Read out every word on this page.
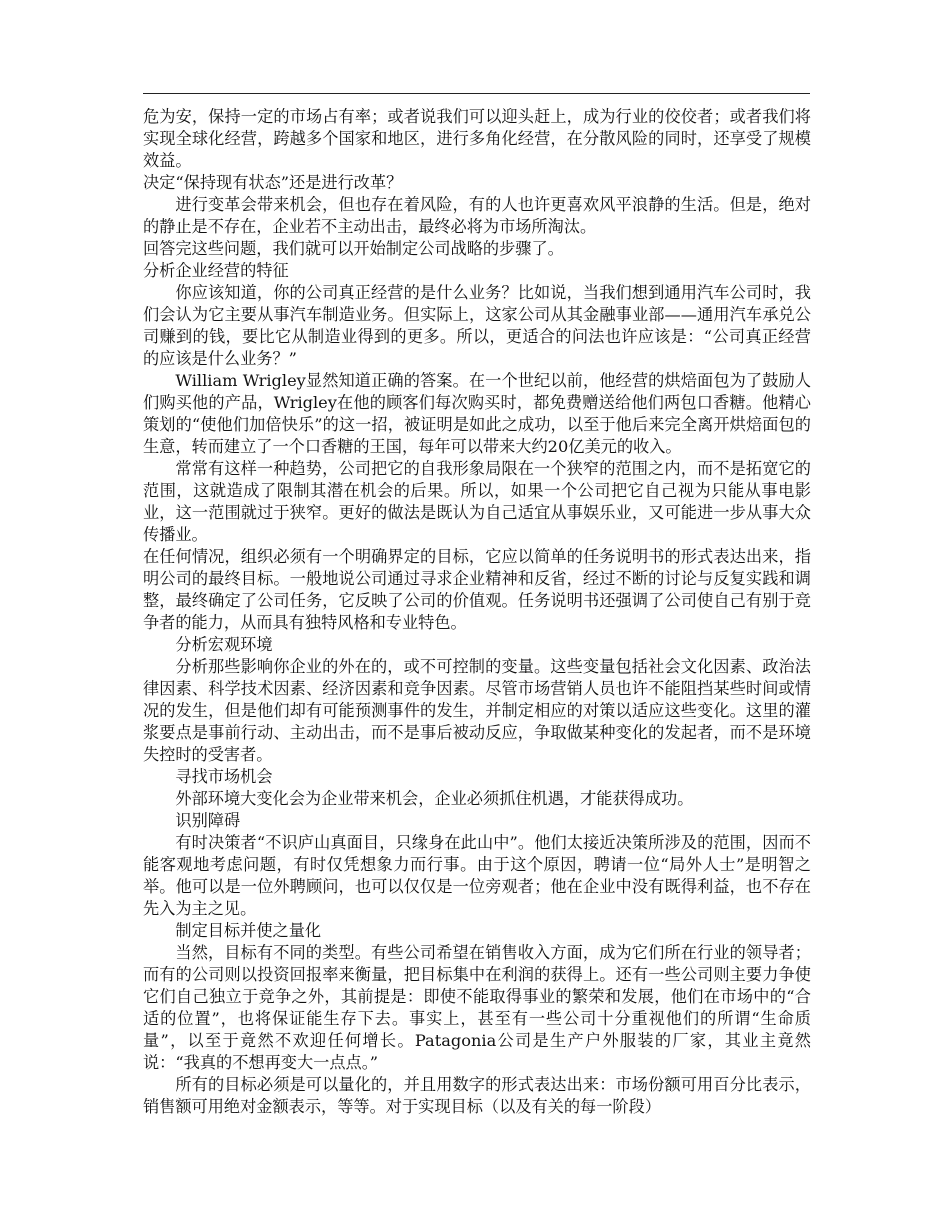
危为安，保持一定的市场占有率；或者说我们可以迎头赶上，成为行业的佼佼者；或者我们将实现全球化经营，跨越多个国家和地区，进行多角化经营，在分散风险的同时，还享受了规模效益。

决定“保持现有状态”还是进行改革？

进行变革会带来机会，但也存在着风险，有的人也许更喜欢风平浪静的生活。但是，绝对的静止是不存在，企业若不主动出击，最终必将为市场所淘汰。

回答完这些问题，我们就可以开始制定公司战略的步骤了。

分析企业经营的特征

你应该知道，你的公司真正经营的是什么业务？比如说，当我们想到通用汽车公司时，我们会认为它主要从事汽车制造业务。但实际上，这家公司从其金融事业部——通用汽车承兑公司赚到的钱，要比它从制造业得到的更多。所以，更适合的问法也许应该是：“公司真正经营的应该是什么业务？”

William Wrigley显然知道正确的答案。在一个世纪以前，他经营的烘焙面包为了鼓励人们购买他的产品，Wrigley在他的顾客们每次购买时，都免费赠送给他们两包口香糖。他精心策划的“使他们加倍快乐”的这一招，被证明是如此之成功，以至于他后来完全离开烘焙面包的生意，转而建立了一个口香糖的王国，每年可以带来大约20亿美元的收入。

常常有这样一种趋势，公司把它的自我形象局限在一个狭窄的范围之内，而不是拓宽它的范围，这就造成了限制其潜在机会的后果。所以，如果一个公司把它自己视为只能从事电影业，这一范围就过于狭窄。更好的做法是既认为自己适宜从事娱乐业，又可能进一步从事大众传播业。

在任何情况，组织必须有一个明确界定的目标，它应以简单的任务说明书的形式表达出来，指明公司的最终目标。一般地说公司通过寻求企业精神和反省，经过不断的讨论与反复实践和调整，最终确定了公司任务，它反映了公司的价值观。任务说明书还强调了公司使自己有别于竞争者的能力，从而具有独特风格和专业特色。

分析宏观环境

分析那些影响你企业的外在的，或不可控制的变量。这些变量包括社会文化因素、政治法律因素、科学技术因素、经济因素和竞争因素。尽管市场营销人员也许不能阻挡某些时间或情况的发生，但是他们却有可能预测事件的发生，并制定相应的对策以适应这些变化。这里的灌浆要点是事前行动、主动出击，而不是事后被动反应，争取做某种变化的发起者，而不是环境失控时的受害者。

寻找市场机会

外部环境大变化会为企业带来机会，企业必须抓住机遇，才能获得成功。

识别障碍

有时决策者“不识庐山真面目，只缘身在此山中”。他们太接近决策所涉及的范围，因而不能客观地考虑问题，有时仅凭想象力而行事。由于这个原因，聘请一位“局外人士”是明智之举。他可以是一位外聘顾问，也可以仅仅是一位旁观者；他在企业中没有既得利益，也不存在先入为主之见。

制定目标并使之量化

当然，目标有不同的类型。有些公司希望在销售收入方面，成为它们所在行业的领导者；而有的公司则以投资回报率来衡量，把目标集中在利润的获得上。还有一些公司则主要力争使它们自己独立于竞争之外，其前提是：即使不能取得事业的繁荣和发展，他们在市场中的“合适的位置”，也将保证能生存下去。事实上，甚至有一些公司十分重视他们的所谓“生命质量”，以至于竟然不欢迎任何增长。Patagonia公司是生产户外服装的厂家，其业主竟然说：“我真的不想再变大一点点。”

所有的目标必须是可以量化的，并且用数字的形式表达出来：市场份额可用百分比表示，销售额可用绝对金额表示，等等。对于实现目标（以及有关的每一阶段）
